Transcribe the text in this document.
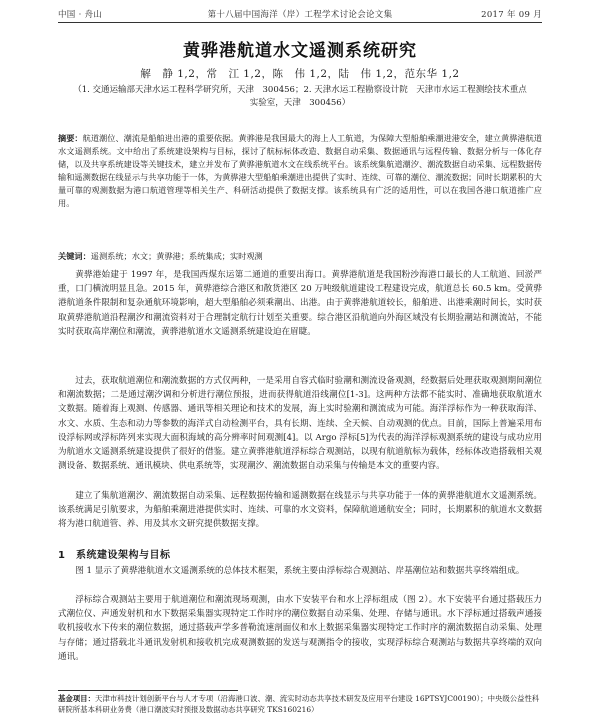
中国 · 舟山	第十八届中国海洋（岸）工程学术讨论会论文集	2017 年 09 月
黄骅港航道水文遥测系统研究
解　静 1,2，常　江 1,2，陈　伟 1,2，陆　伟 1,2，范东华 1,2
（1. 交通运输部天津水运工程科学研究所，天津　300456；2. 天津水运工程勘察设计院　天津市水运工程测绘技术重点实验室，天津　300456）
摘要：航道潮位、潮流是船舶进出港的重要依据。黄骅港是我国最大的海上人工航道，为保障大型船舶乘潮进港安全，建立黄骅港航道水文遥测系统。文中给出了系统建设架构与目标，探讨了航标标体改造、数据自动采集、数据通讯与远程传输、数据分析与一体化存储，以及共享系统建设等关键技术，建立并发布了黄骅港航道水文在线系统平台。该系统集航道潮汐、潮流数据自动采集、远程数据传输和遥测数据在线显示与共享功能于一体，为黄骅港大型船舶乘潮进出提供了实时、连续、可靠的潮位、潮流数据；同时长期累积的大量可靠的观测数据为港口航道管理等相关生产、科研活动提供了数据支撑。该系统具有广泛的适用性，可以在我国各港口航道推广应用。
关键词：遥测系统；水文；黄骅港；系统集成；实时观测
黄骅港始建于 1997 年，是我国西煤东运第二通道的重要出海口。黄骅港航道是我国粉沙海港口最长的人工航道、回淤严重，口门横流明显且急。2015 年，黄骅港综合港区和散货港区 20 万吨级航道建设工程建设完成，航道总长 60.5 km。受黄骅港航道条件限制和复杂通航环境影响，超大型船舶必须乘潮出、出港。由于黄骅港航道较长，船舶进、出港乘潮时间长，实时获取黄骅港航道沿程潮汐和潮流资料对于合理制定航行计划至关重要。综合港区沿航道向外海区域没有长期验潮站和测流站，不能实时获取高岸潮位和潮流，黄骅港航道水文遥测系统建设迫在眉睫。
过去，获取航道潮位和潮流数据的方式仅两种，一是采用自容式临时验潮和测流设备观测，经数据后处理获取观测期间潮位和潮流数据；二是通过潮汐调和分析进行潮位预报，进而获得航道沿线潮位[1-3]。这两种方法都不能实时、准确地获取航道水文数据。随着海上观测、传感器、通讯等相关理论和技术的发展，海上实时验潮和测流成为可能。海洋浮标作为一种获取海洋、水文、水质、生态和动力等参数的海洋式自动检测平台，具有长期、连续、全天候、自动观测的优点。目前，国际上普遍采用布设浮标网或浮标阵列来实现大面积海域的高分辨率时间观测[4]。以 Argo 浮标[5]为代表的海洋浮标观测系统的建设与成功应用为航道水文遥测系统建设提供了很好的借鉴。建立黄骅港航道浮标综合观测站，以现有航道航标为载体，经标体改造搭载相关观测设备、数据系统、通讯模块、供电系统等，实现潮汐、潮流数据自动采集与传输是本文的重要内容。
建立了集航道潮汐、潮流数据自动采集、远程数据传输和遥测数据在线显示与共享功能于一体的黄骅港航道水文遥测系统。该系统满足引航要求，为船舶乘潮进港提供实时、连续、可靠的水文资料，保障航道通航安全；同时，长期累积的航道水文数据将为港口航道管、养、用及其水文研究提供数据支撑。
1　系统建设架构与目标
图 1 显示了黄骅港航道水文遥测系统的总体技术框架，系统主要由浮标综合观测站、岸基潮位站和数据共享终端组成。
浮标综合观测站主要用于航道潮位和潮流现场观测，由水下安装平台和水上浮标组成（图 2）。水下安装平台通过搭载压力式潮位仪、声通发射机和水下数据采集器实现特定工作时序的潮位数据自动采集、处理、存储与通讯。水下浮标通过搭载声通接收机接收水下传来的潮位数据，通过搭载声学多普勒流速剖面仪和水上数据采集器实现特定工作时序的潮流数据自动采集、处理与存储；通过搭载北斗通讯发射机和接收机完成观测数据的发送与观测指令的接收，实现浮标综合观测站与数据共享终端的双向通讯。
基金项目：天津市科技计划创新平台与人才专项（沿海港口波、潮、流实时动态共享技术研发及应用平台建设 16PTSYJC00190）；中央级公益性科研院所基本科研业务费（港口潮波实时预报及数据动态共享研究 TKS160216）
